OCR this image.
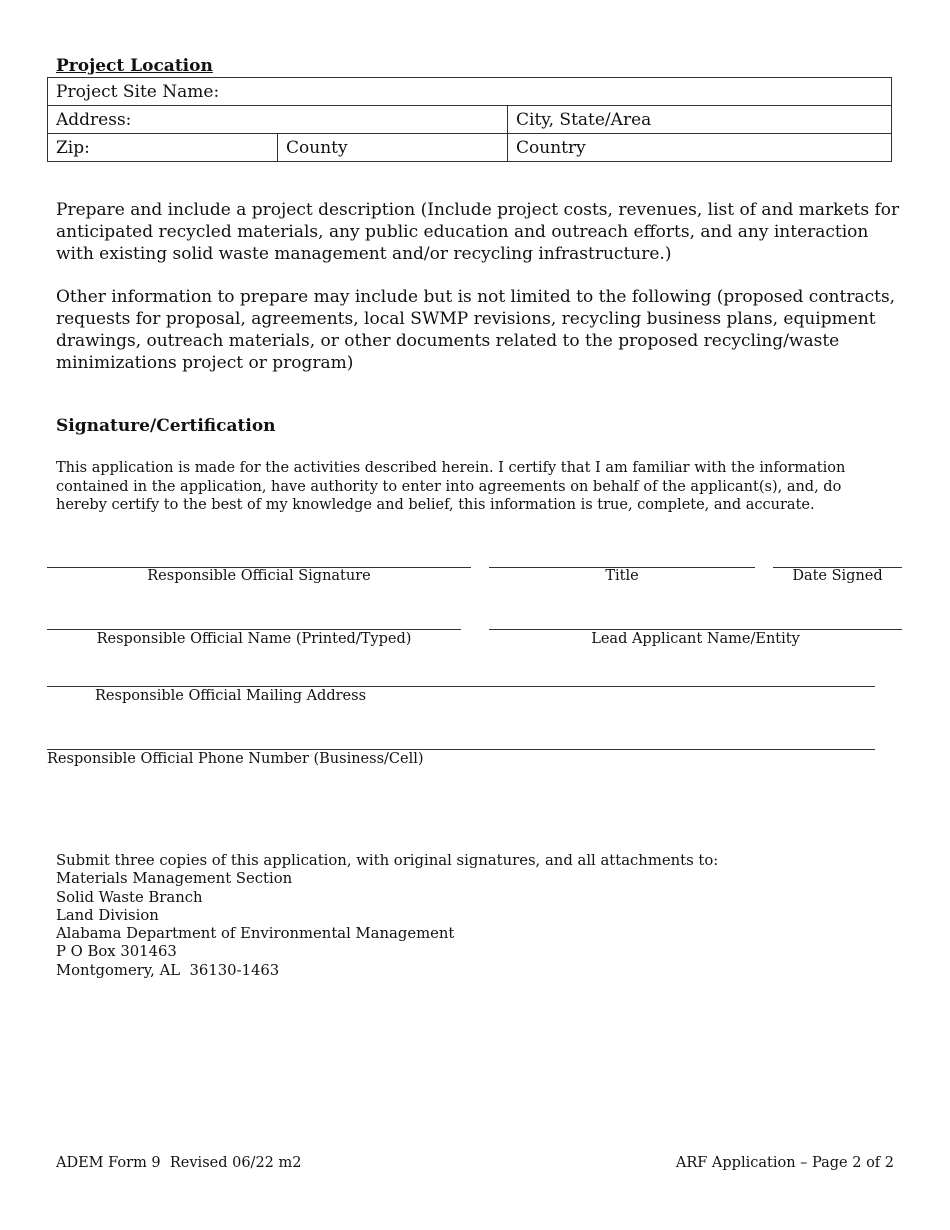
Project Location
Project Site Name:		
Address:		City, State/Area
Zip:	County	Country
Prepare and include a project description (Include project costs, revenues, list of and markets for anticipated recycled materials, any public education and outreach efforts, and any interaction with existing solid waste management and/or recycling infrastructure.)
Other information to prepare may include but is not limited to the following (proposed contracts, requests for proposal, agreements, local SWMP revisions, recycling business plans, equipment drawings, outreach materials, or other documents related to the proposed recycling/waste minimizations project or program)
Signature/Certification
This application is made for the activities described herein. I certify that I am familiar with the information contained in the application, have authority to enter into agreements on behalf of the applicant(s), and, do hereby certify to the best of my knowledge and belief, this information is true, complete, and accurate.
Responsible Official Signature	Title	Date Signed
Responsible Official Name (Printed/Typed)	Lead Applicant Name/Entity
Responsible Official Mailing Address
Responsible Official Phone Number (Business/Cell)
Submit three copies of this application, with original signatures, and all attachments to:
Materials Management Section
Solid Waste Branch
Land Division
Alabama Department of Environmental Management
P O Box 301463
Montgomery, AL  36130-1463
ADEM Form 9  Revised 06/22 m2	ARF Application – Page 2 of 2
